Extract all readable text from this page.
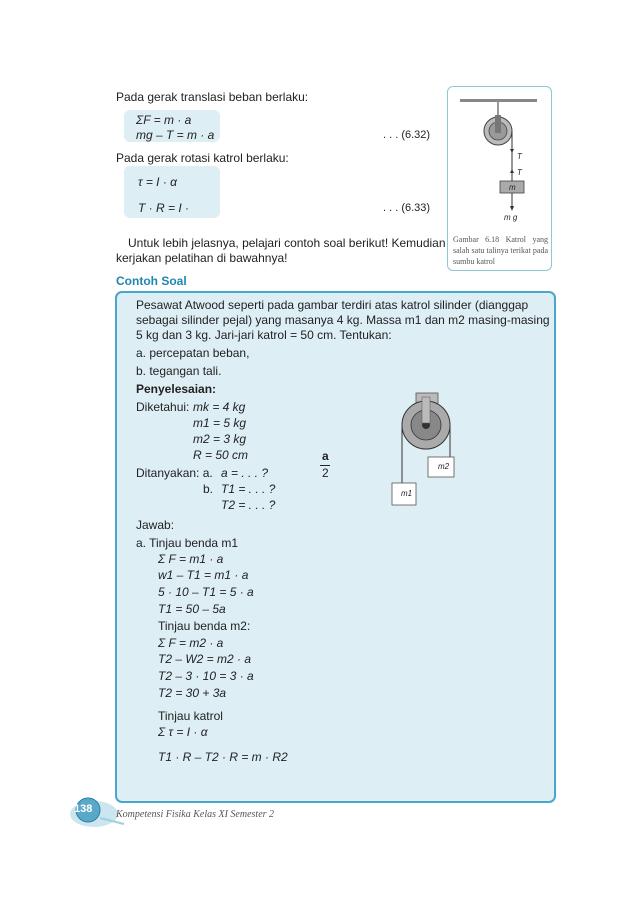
Pada gerak translasi beban berlaku:
ΣF = m · a
mg – T = m · a	. . . (6.32)
Pada gerak rotasi katrol berlaku:
τ = I · α
T · R = I ·	. . . (6.33)
Untuk lebih jelasnya, pelajari contoh soal berikut! Kemudian
kerjakan pelatihan di bawahnya!
T
T
m
m g
Gambar 6.18 Katrol yang salah satu talinya terikat pada sumbu katrol
Contoh Soal
Pesawat Atwood seperti pada gambar terdiri atas katrol silinder (dianggap
sebagai silinder pejal) yang masanya 4 kg. Massa m1 dan m2 masing-masing
5 kg dan 3 kg. Jari-jari katrol = 50 cm. Tentukan:
a. percepatan beban,
b. tegangan tali.
Penyelesaian:
Diketahui: mk = 4 kg
m1 = 5 kg
m2 = 3 kg
R = 50 cm
Ditanyakan: a. a = . . . ?
b. T1 = . . . ?
T2 = . . . ?
a
2
m1
m2
Jawab:
a. Tinjau benda m1
Σ F = m1 · a
w1 – T1 = m1 · a
5 · 10 – T1 = 5 · a
T1 = 50 – 5a
Tinjau benda m2:
Σ F = m2 · a
T2 – W2 = m2 · a
T2 – 3 · 10 = 3 · a
T2 = 30 + 3a
Tinjau katrol
Σ τ = I · α
T1 · R – T2 · R = m · R2
138 Kompetensi Fisika Kelas XI Semester 2
